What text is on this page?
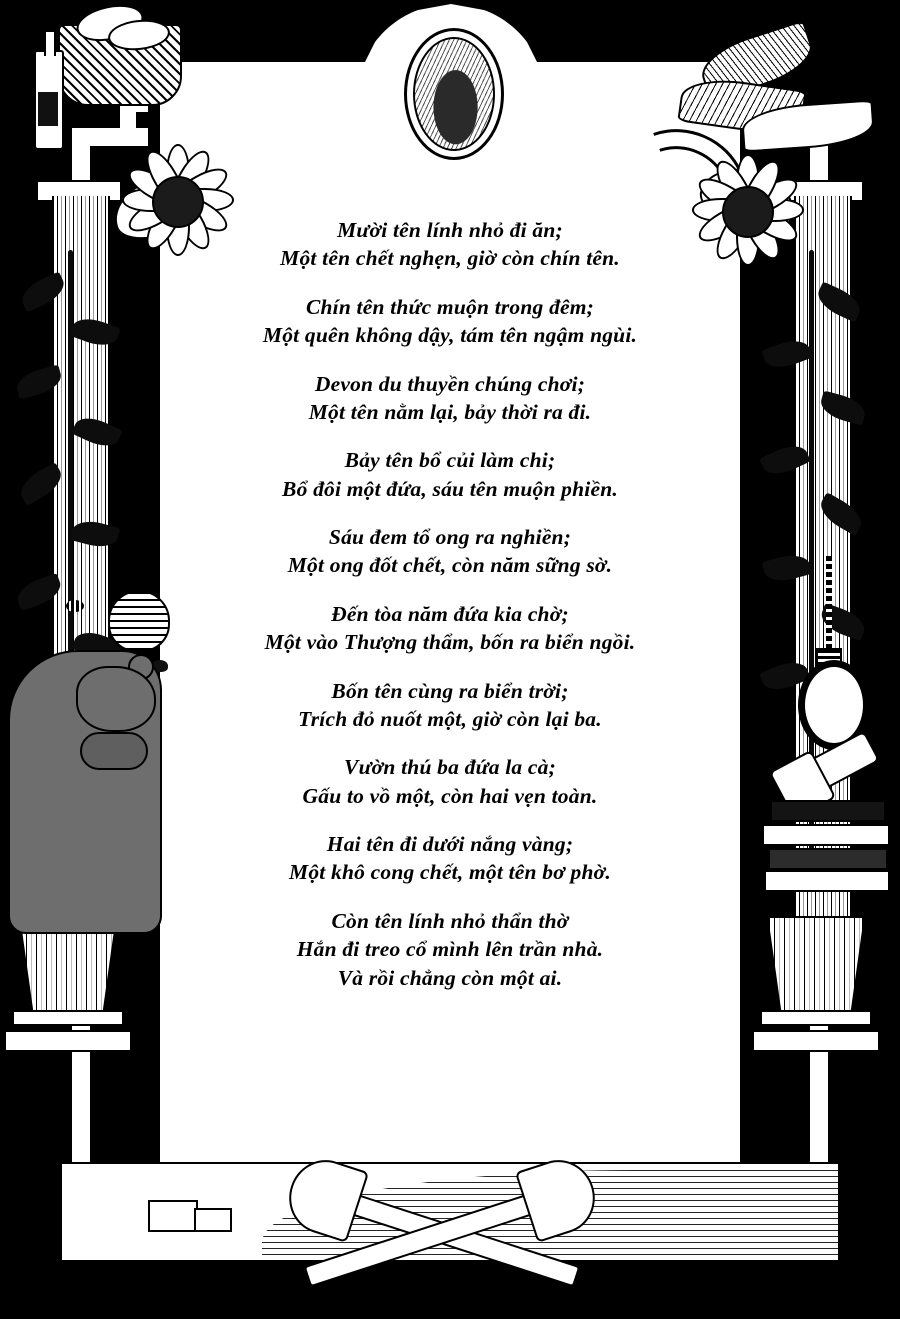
Mười tên lính nhỏ đi ăn;
Một tên chết nghẹn, giờ còn chín tên.
Chín tên thức muộn trong đêm;
Một quên không dậy, tám tên ngậm ngùi.
Devon du thuyền chúng chơi;
Một tên nằm lại, bảy thời ra đi.
Bảy tên bổ củi làm chi;
Bổ đôi một đứa, sáu tên muộn phiền.
Sáu đem tổ ong ra nghiền;
Một ong đốt chết, còn năm sững sờ.
Đến tòa năm đứa kia chờ;
Một vào Thượng thẩm, bốn ra biển ngồi.
Bốn tên cùng ra biển trời;
Trích đỏ nuốt một, giờ còn lại ba.
Vườn thú ba đứa la cà;
Gấu to vồ một, còn hai vẹn toàn.
Hai tên đi dưới nắng vàng;
Một khô cong chết, một tên bơ phờ.
Còn tên lính nhỏ thẩn thờ
Hắn đi treo cổ mình lên trần nhà.
Và rồi chẳng còn một ai.
